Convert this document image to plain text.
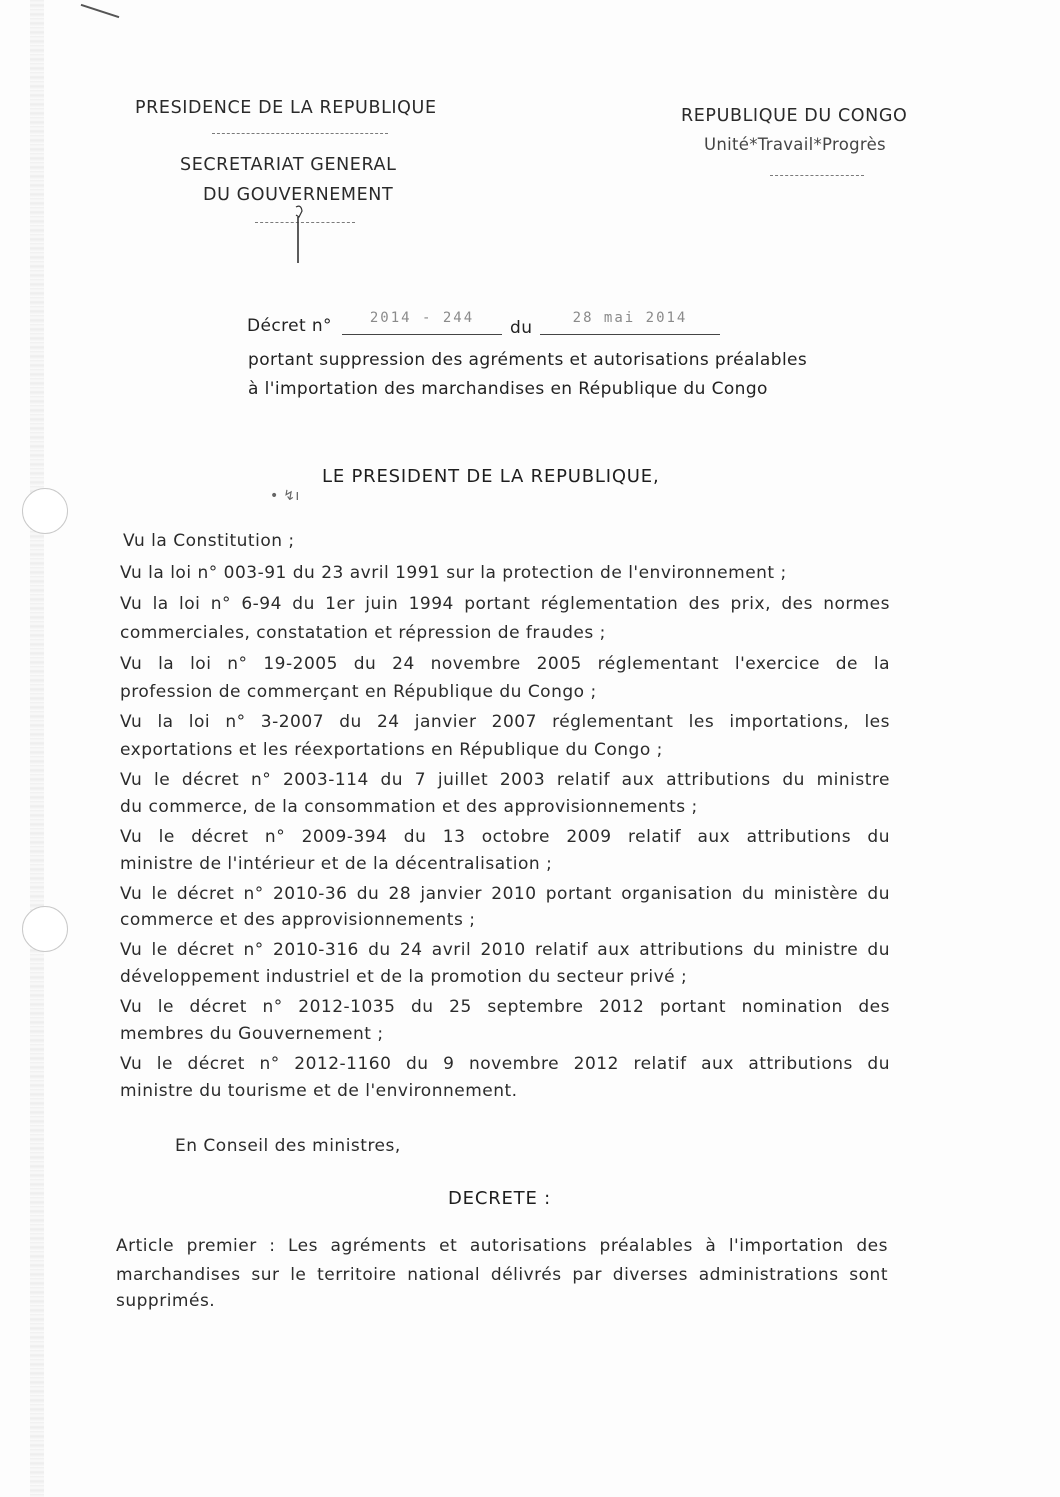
PRESIDENCE DE LA REPUBLIQUE
SECRETARIAT GENERAL
DU GOUVERNEMENT
REPUBLIQUE DU CONGO
Unité*Travail*Progrès
Décret n°	2014 - 244	du	28 mai 2014
portant suppression des agréments et autorisations préalables
à l'importation des marchandises en République du Congo
LE PRESIDENT DE LA REPUBLIQUE,
• ↯ı
Vu la Constitution ;
Vu la loi n° 003-91 du 23 avril 1991 sur la protection de l'environnement ;
Vu la loi n° 6-94 du 1er juin 1994 portant réglementation des prix, des normes
commerciales, constatation et répression de fraudes ;
Vu la loi n° 19-2005 du 24 novembre 2005 réglementant l'exercice de la
profession de commerçant en République du Congo ;
Vu la loi n° 3-2007 du 24 janvier 2007 réglementant les importations, les
exportations et les réexportations en République du Congo ;
Vu le décret n° 2003-114 du 7 juillet 2003 relatif aux attributions du ministre
du commerce, de la consommation et des approvisionnements ;
Vu le décret n° 2009-394 du 13 octobre 2009 relatif aux attributions du
ministre de l'intérieur et de la décentralisation ;
Vu le décret n° 2010-36 du 28 janvier 2010 portant organisation du ministère du
commerce et des approvisionnements ;
Vu le décret n° 2010-316 du 24 avril 2010 relatif aux attributions du ministre du
développement industriel et de la promotion du secteur privé ;
Vu le décret n° 2012-1035 du 25 septembre 2012 portant nomination des
membres du Gouvernement ;
Vu le décret n° 2012-1160 du 9 novembre 2012 relatif aux attributions du
ministre du tourisme et de l'environnement.
En Conseil des ministres,
DECRETE :
Article premier : Les agréments et autorisations préalables à l'importation des
marchandises sur le territoire national délivrés par diverses administrations sont
supprimés.
